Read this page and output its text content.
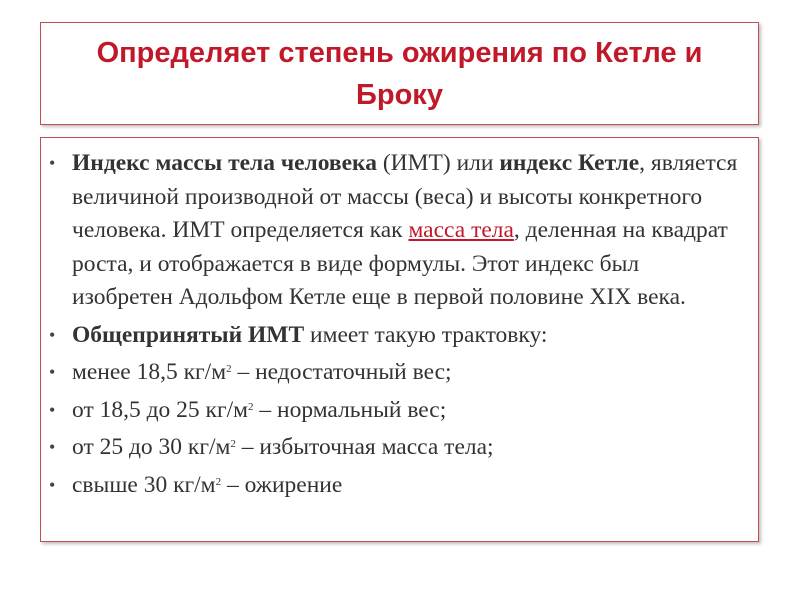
Определяет степень ожирения по Кетле и Броку
• Индекс массы тела человека (ИМТ) или индекс Кетле, является величиной производной от массы (веса) и высоты конкретного человека. ИМТ определяется как масса тела, деленная на квадрат роста, и отображается в виде формулы. Этот индекс был изобретен Адольфом Кетле еще в первой половине XIX века.
• Общепринятый ИМТ имеет такую трактовку:
• менее 18,5 $кг/м^2$ – недостаточный вес;
• от 18,5 до 25 $кг/м^2$ – нормальный вес;
• от 25 до 30 $кг/м^2$ – избыточная масса тела;
• свыше 30 $кг/м^2$ – ожирение
